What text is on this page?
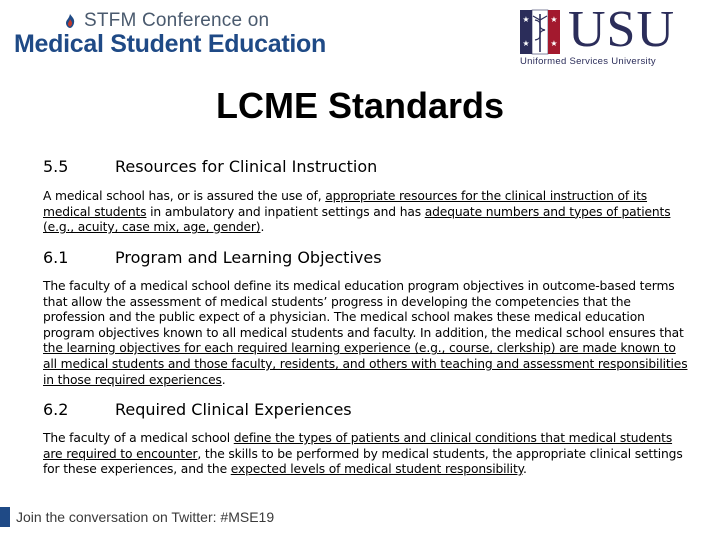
STFM Conference on
Medical Student Education
★
★
★
★ USU
Uniformed Services University
LCME Standards
5.5	Resources for Clinical Instruction
A medical school has, or is assured the use of, appropriate resources for the clinical instruction of its medical students in ambulatory and inpatient settings and has adequate numbers and types of patients (e.g., acuity, case mix, age, gender).
6.1	Program and Learning Objectives
The faculty of a medical school define its medical education program objectives in outcome-based terms that allow the assessment of medical students’ progress in developing the competencies that the profession and the public expect of a physician. The medical school makes these medical education program objectives known to all medical students and faculty. In addition, the medical school ensures that the learning objectives for each required learning experience (e.g., course, clerkship) are made known to all medical students and those faculty, residents, and others with teaching and assessment responsibilities in those required experiences.
6.2	Required Clinical Experiences
The faculty of a medical school define the types of patients and clinical conditions that medical students are required to encounter, the skills to be performed by medical students, the appropriate clinical settings for these experiences, and the expected levels of medical student responsibility.
Join the conversation on Twitter: #MSE19
